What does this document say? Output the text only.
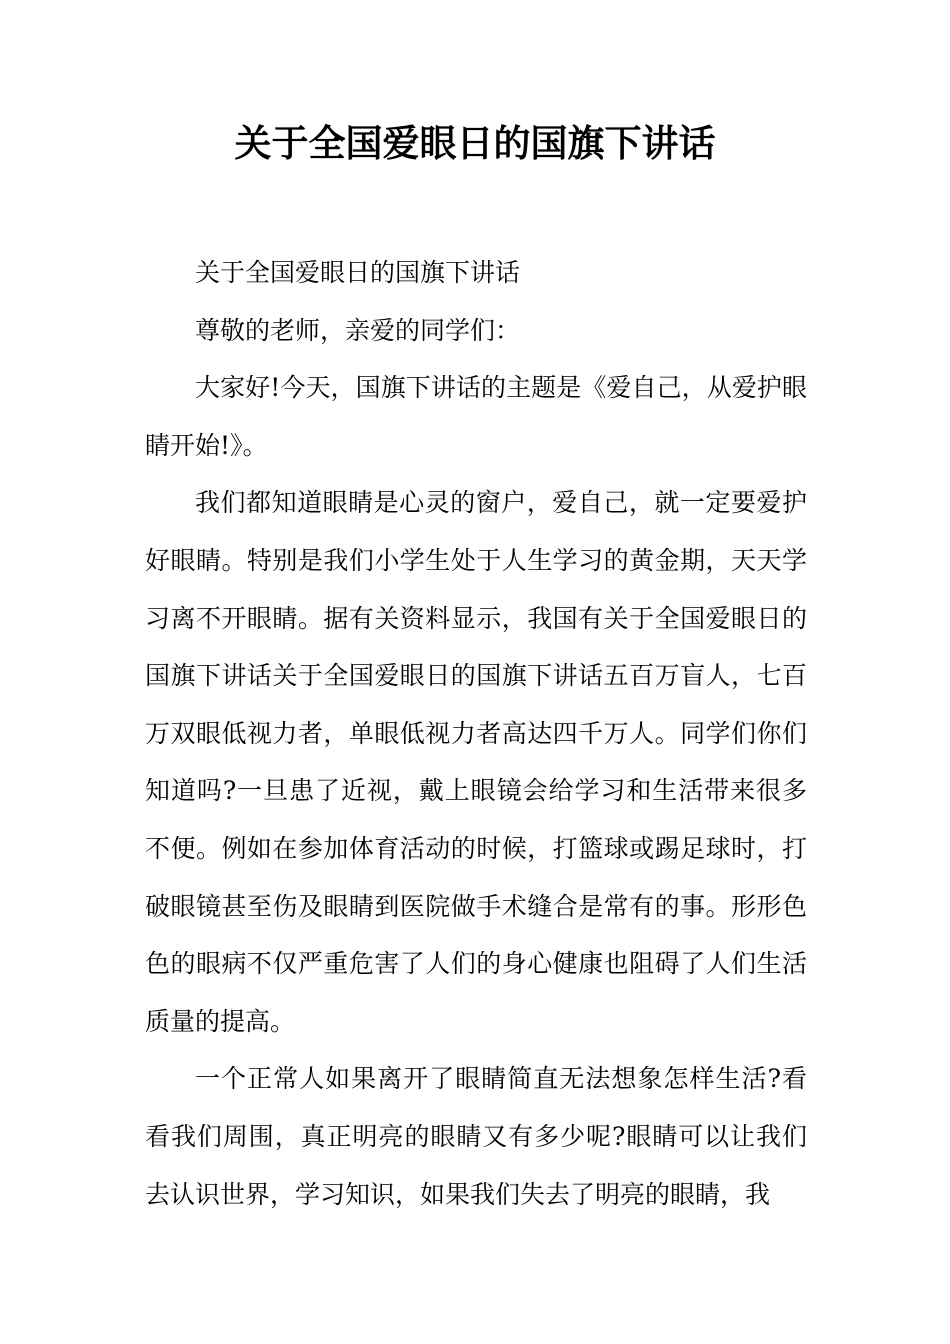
关于全国爱眼日的国旗下讲话

关于全国爱眼日的国旗下讲话

尊敬的老师，亲爱的同学们：

大家好!今天，国旗下讲话的主题是《爱自己，从爱护眼睛开始!》。

我们都知道眼睛是心灵的窗户，爱自己，就一定要爱护好眼睛。特别是我们小学生处于人生学习的黄金期，天天学习离不开眼睛。据有关资料显示，我国有关于全国爱眼日的国旗下讲话关于全国爱眼日的国旗下讲话五百万盲人，七百万双眼低视力者，单眼低视力者高达四千万人。同学们你们知道吗?一旦患了近视，戴上眼镜会给学习和生活带来很多不便。例如在参加体育活动的时候，打篮球或踢足球时，打破眼镜甚至伤及眼睛到医院做手术缝合是常有的事。形形色色的眼病不仅严重危害了人们的身心健康也阻碍了人们生活质量的提高。

一个正常人如果离开了眼睛简直无法想象怎样生活?看看我们周围，真正明亮的眼睛又有多少呢?眼睛可以让我们去认识世界，学习知识，如果我们失去了明亮的眼睛，我
